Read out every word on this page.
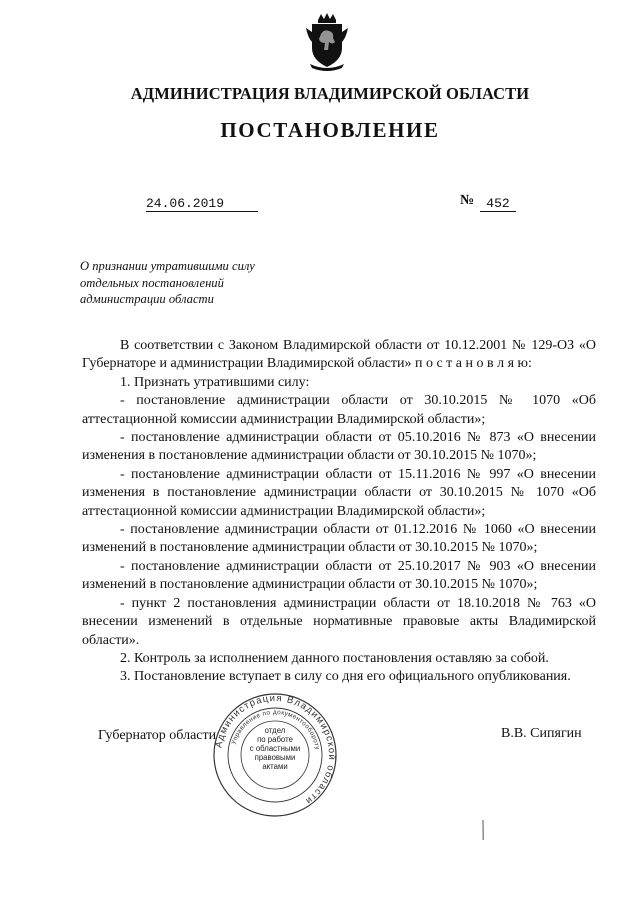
АДМИНИСТРАЦИЯ ВЛАДИМИРСКОЙ ОБЛАСТИ
ПОСТАНОВЛЕНИЕ
24.06.2019	№ 452
О признании утратившими силу
отдельных постановлений
администрации области

В соответствии с Законом Владимирской области от 10.12.2001 № 129-ОЗ «О Губернаторе и администрации Владимирской области» п о с т а н о в л я ю:

1. Признать утратившими силу:

- постановление администрации области от 30.10.2015 № 1070 «Об аттестационной комиссии администрации Владимирской области»;

- постановление администрации области от 05.10.2016 № 873 «О внесении изменения в постановление администрации области от 30.10.2015 № 1070»;

- постановление администрации области от 15.11.2016 № 997 «О внесении изменения в постановление администрации области от 30.10.2015 № 1070 «Об аттестационной комиссии администрации Владимирской области»;

- постановление администрации области от 01.12.2016 № 1060 «О внесении изменений в постановление администрации области от 30.10.2015 № 1070»;

- постановление администрации области от 25.10.2017 № 903 «О внесении изменений в постановление администрации области от 30.10.2015 № 1070»;

- пункт 2 постановления администрации области от 18.10.2018 № 763 «О внесении изменений в отдельные нормативные правовые акты Владимирской области».

2. Контроль за исполнением данного постановления оставляю за собой.

3. Постановление вступает в силу со дня его официального опубликования.

Администрация Владимирской области
Управление по документообороту
отдел
по работе
с областными
правовыми
актами
Губернатор области	В.В. Сипягин
